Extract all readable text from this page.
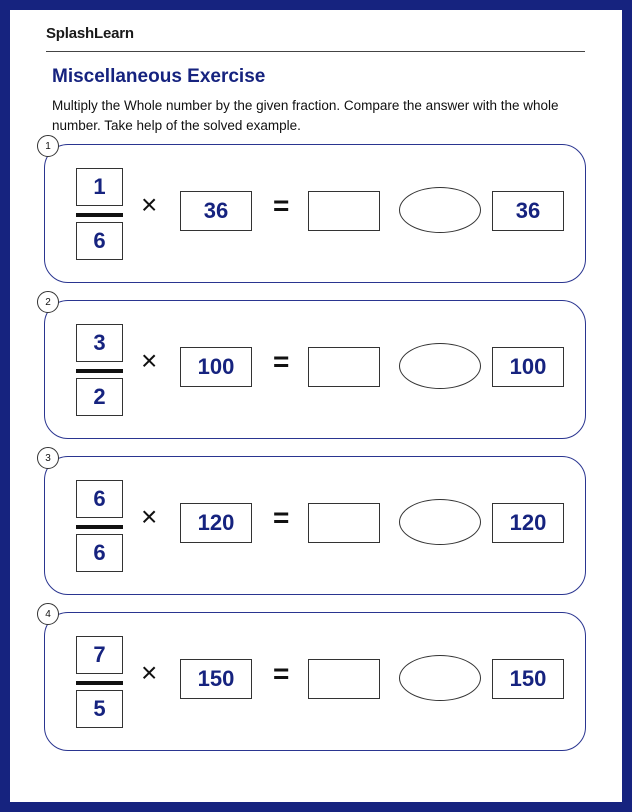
SplashLearn
Miscellaneous Exercise
Multiply the Whole number by the given fraction. Compare the answer with the whole number. Take help of the solved example.
1
1
6
×	36	=	36
2
3
2
×	100	=	100
3
6
6
×	120	=	120
4
7
5
×	150	=	150
